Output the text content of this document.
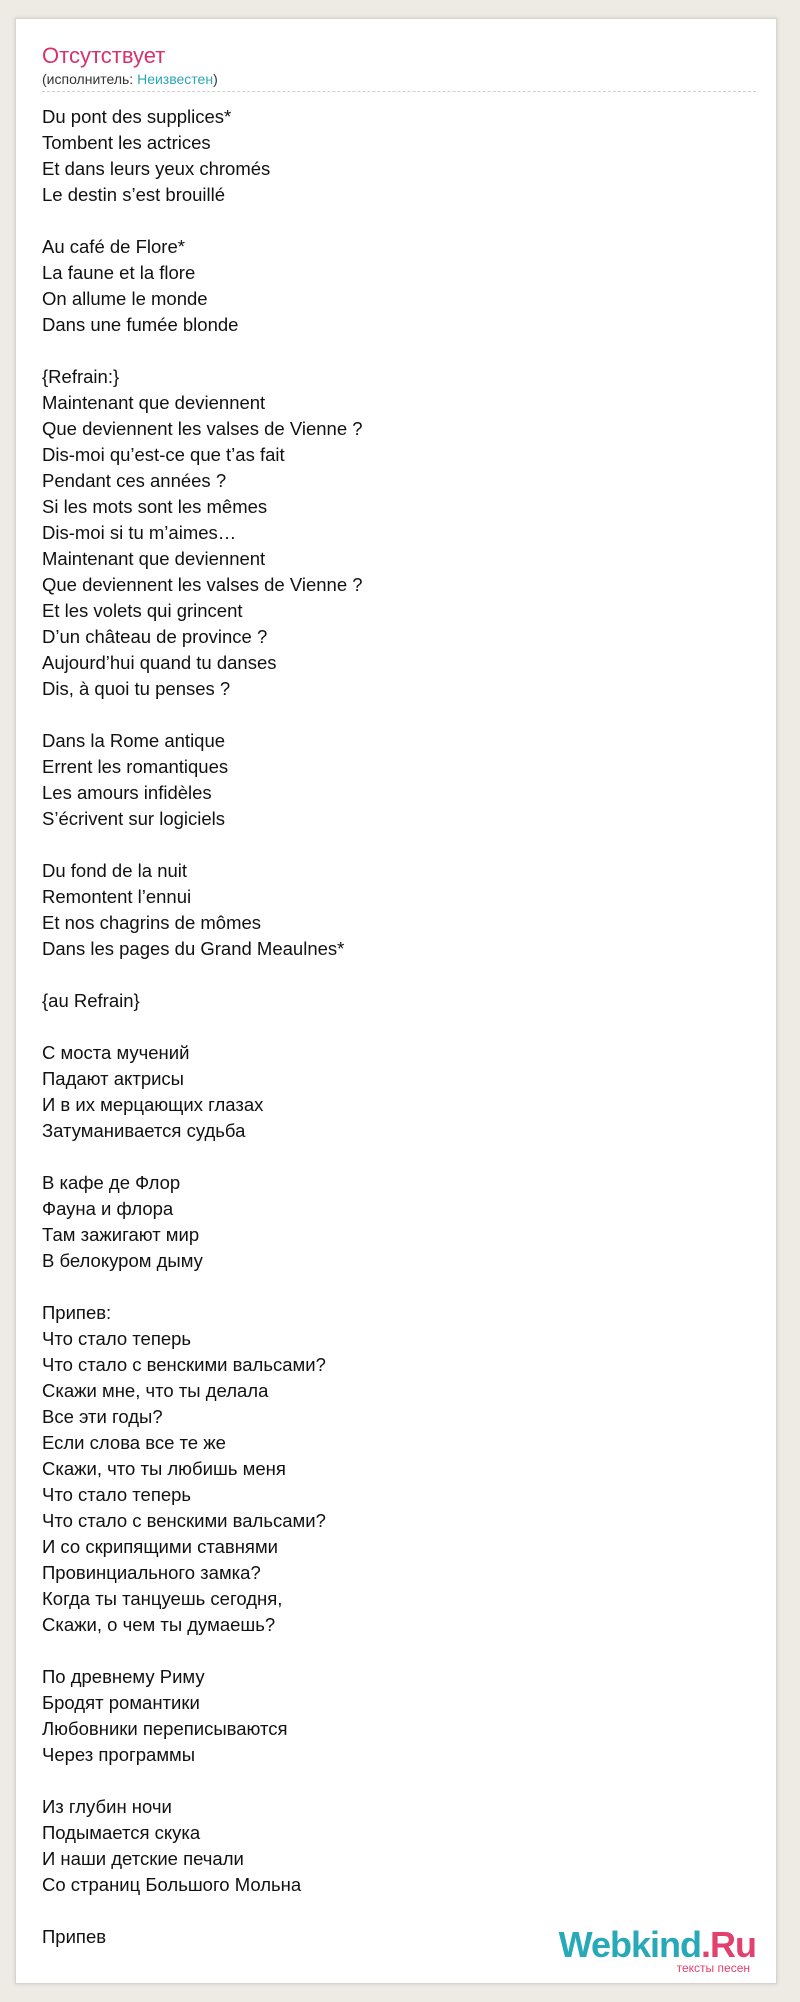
Отсутствует
(исполнитель: Неизвестен)
Du pont des supplices*
Tombent les actrices
Et dans leurs yeux chromés
Le destin s’est brouillé
Au café de Flore*
La faune et la flore
On allume le monde
Dans une fumée blonde
{Refrain:}
Maintenant que deviennent
Que deviennent les valses de Vienne ?
Dis-moi qu’est-ce que t’as fait
Pendant ces années ?
Si les mots sont les mêmes
Dis-moi si tu m’aimes…
Maintenant que deviennent
Que deviennent les valses de Vienne ?
Et les volets qui grincent
D’un château de province ?
Aujourd’hui quand tu danses
Dis, à quoi tu penses ?
Dans la Rome antique
Errent les romantiques
Les amours infidèles
S’écrivent sur logiciels
Du fond de la nuit
Remontent l’ennui
Et nos chagrins de mômes
Dans les pages du Grand Meaulnes*
{au Refrain}
С моста мучений
Падают актрисы
И в их мерцающих глазах
Затуманивается судьба
В кафе де Флор
Фауна и флора
Там зажигают мир
В белокуром дыму
Припев:
Что стало теперь
Что стало с венскими вальсами?
Скажи мне, что ты делала
Все эти годы?
Если слова все те же
Скажи, что ты любишь меня
Что стало теперь
Что стало с венскими вальсами?
И со скрипящими ставнями
Провинциального замка?
Когда ты танцуешь сегодня,
Скажи, о чем ты думаешь?
По древнему Риму
Бродят романтики
Любовники переписываются
Через программы
Из глубин ночи
Подымается скука
И наши детские печали
Со страниц Большого Мольна
Припев	Webkind.Ru
тексты песен
